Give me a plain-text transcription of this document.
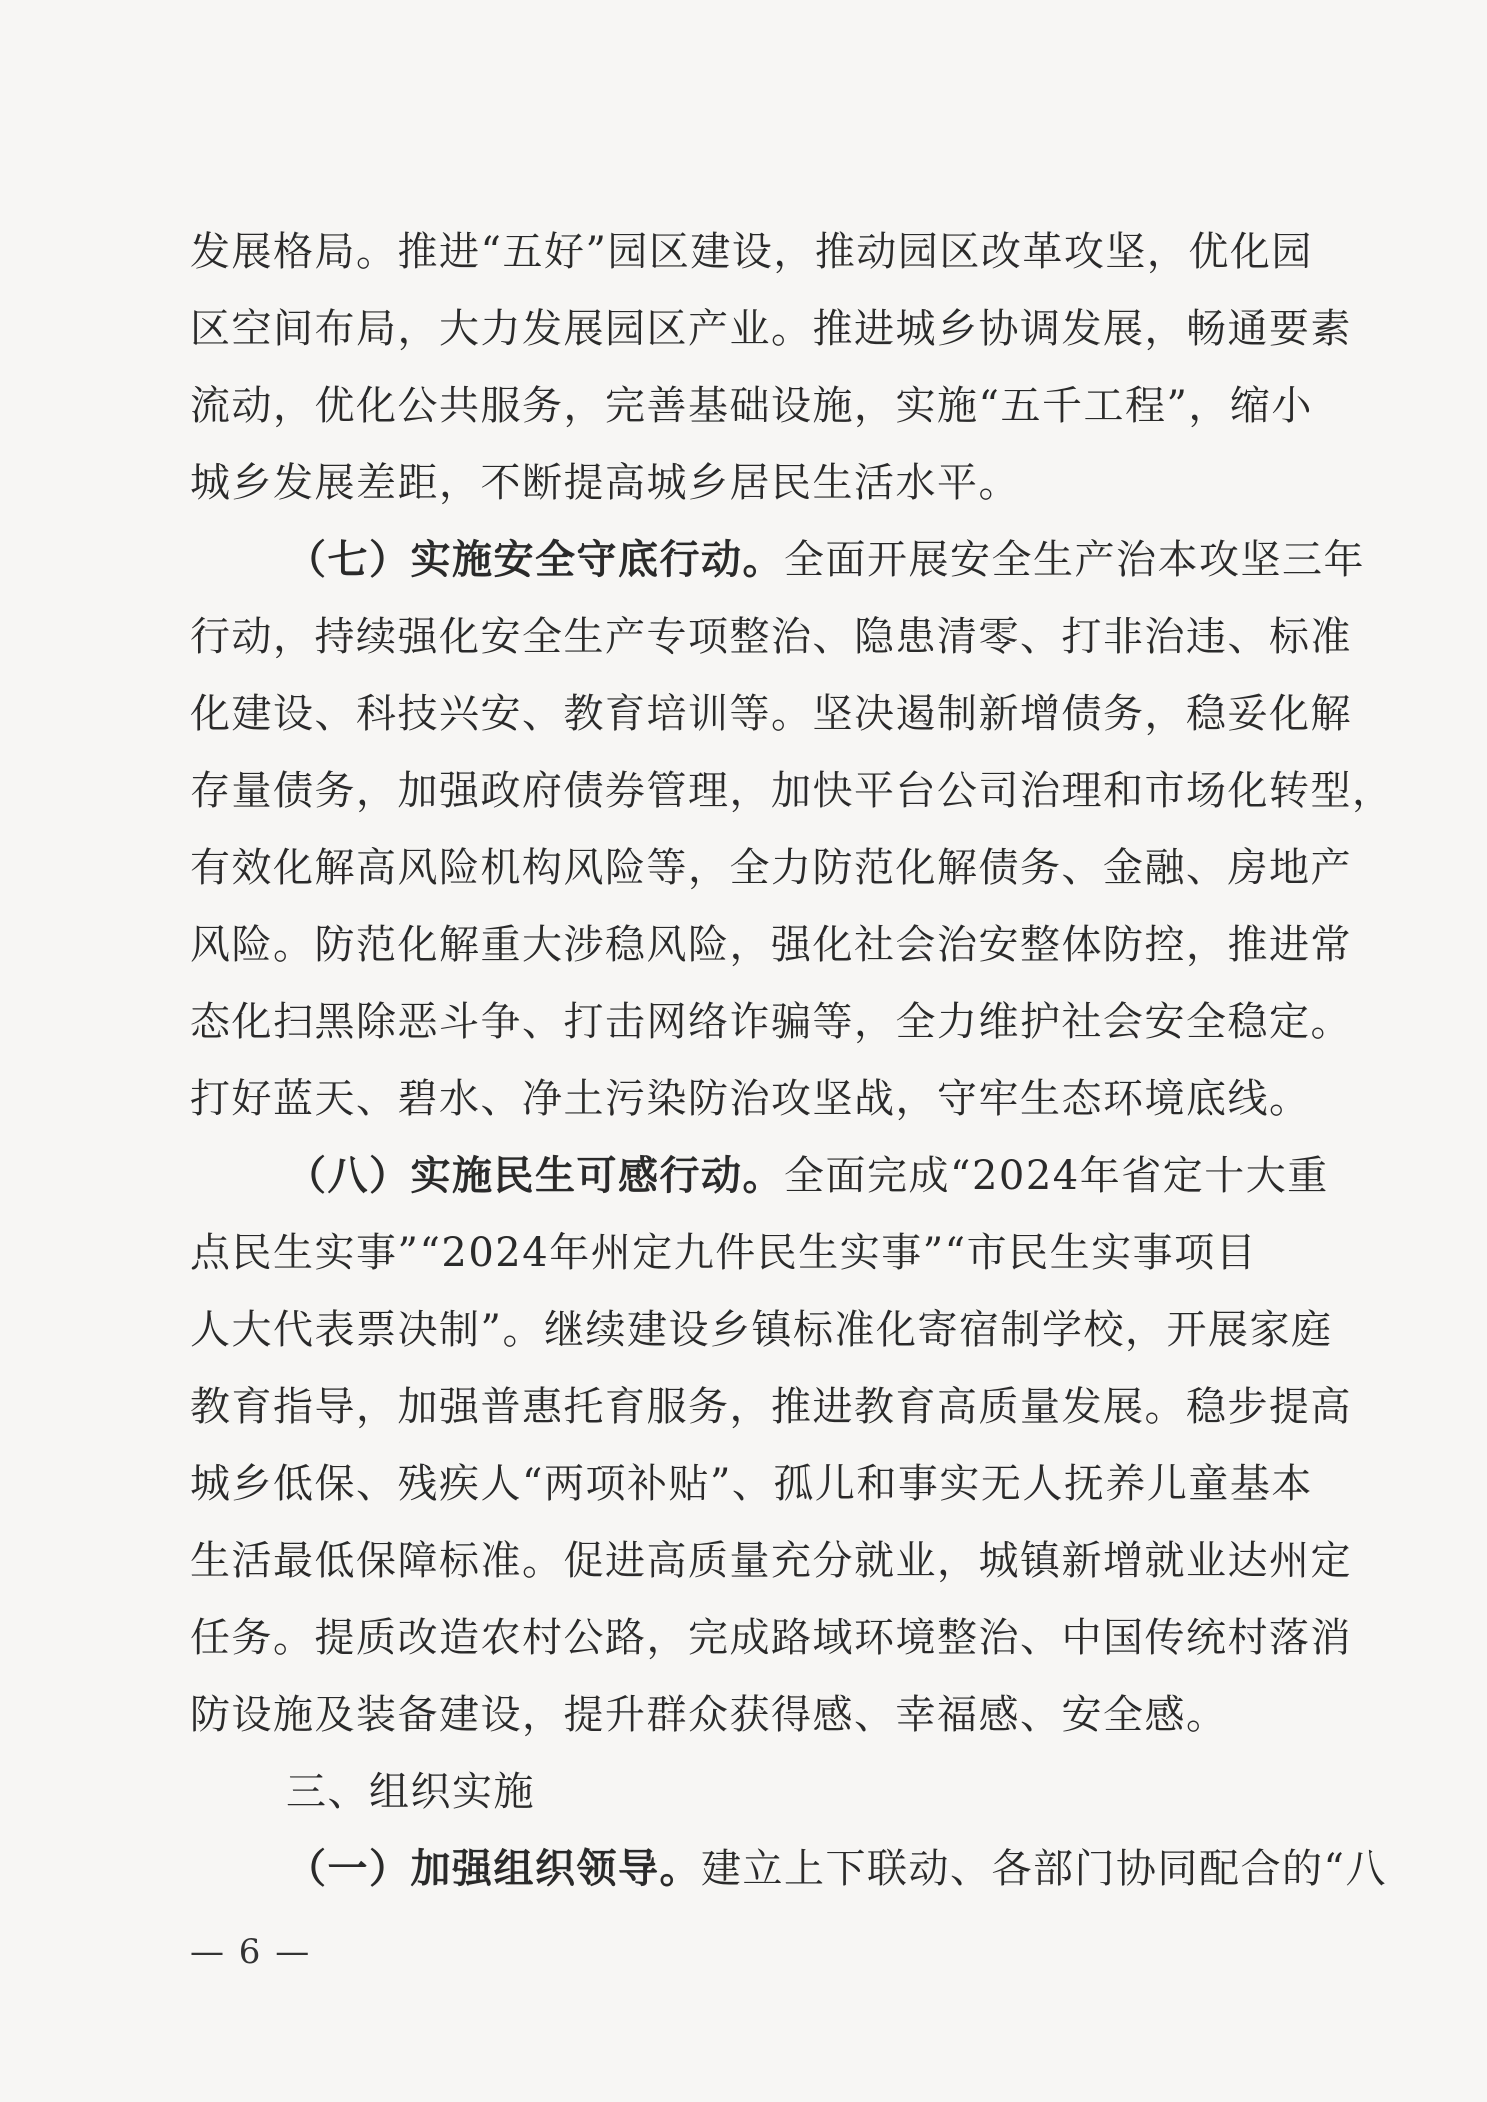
发展格局。推进“五好”园区建设，推动园区改革攻坚，优化园
区空间布局，大力发展园区产业。推进城乡协调发展，畅通要素
流动，优化公共服务，完善基础设施，实施“五千工程”，缩小
城乡发展差距，不断提高城乡居民生活水平。
（七）实施安全守底行动。全面开展安全生产治本攻坚三年
行动，持续强化安全生产专项整治、隐患清零、打非治违、标准
化建设、科技兴安、教育培训等。坚决遏制新增债务，稳妥化解
存量债务，加强政府债券管理，加快平台公司治理和市场化转型，
有效化解高风险机构风险等，全力防范化解债务、金融、房地产
风险。防范化解重大涉稳风险，强化社会治安整体防控，推进常
态化扫黑除恶斗争、打击网络诈骗等，全力维护社会安全稳定。
打好蓝天、碧水、净土污染防治攻坚战，守牢生态环境底线。
（八）实施民生可感行动。全面完成“2024年省定十大重
点民生实事”“2024年州定九件民生实事”“市民生实事项目
人大代表票决制”。继续建设乡镇标准化寄宿制学校，开展家庭
教育指导，加强普惠托育服务，推进教育高质量发展。稳步提高
城乡低保、残疾人“两项补贴”、孤儿和事实无人抚养儿童基本
生活最低保障标准。促进高质量充分就业，城镇新增就业达州定
任务。提质改造农村公路，完成路域环境整治、中国传统村落消
防设施及装备建设，提升群众获得感、幸福感、安全感。
三、组织实施
（一）加强组织领导。建立上下联动、各部门协同配合的“八
— 6 —
